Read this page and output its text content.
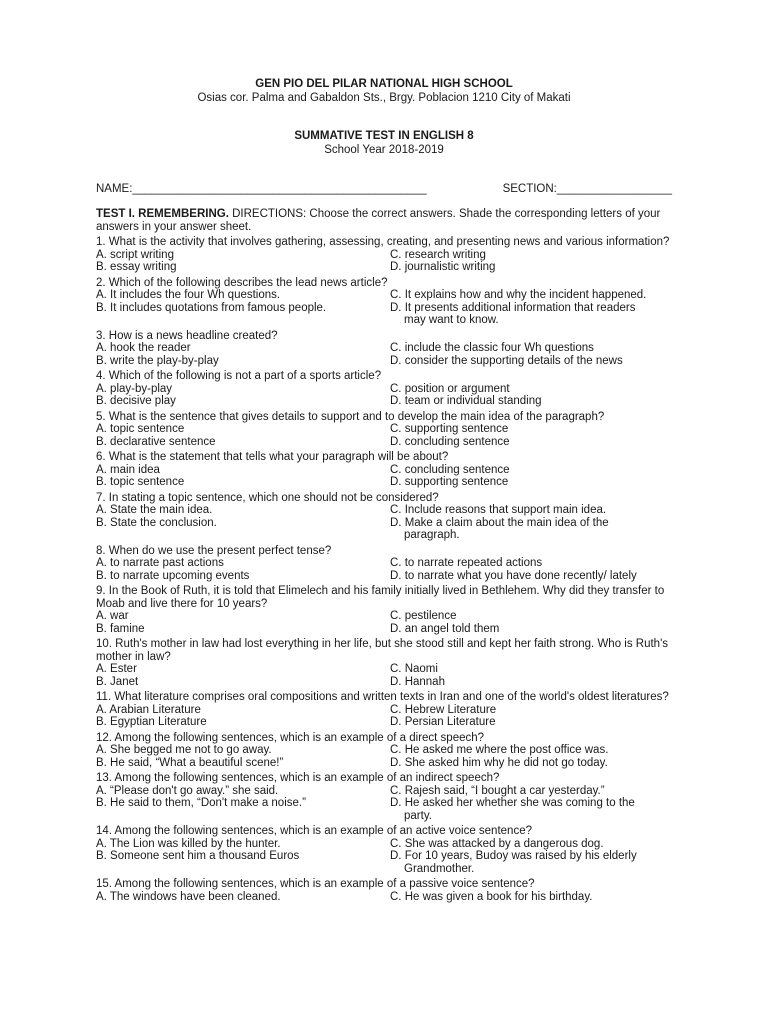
GEN PIO DEL PILAR NATIONAL HIGH SCHOOL
Osias cor. Palma and Gabaldon Sts., Brgy. Poblacion 1210 City of Makati
SUMMATIVE TEST IN ENGLISH 8
School Year 2018-2019
NAME:______________________________________________	SECTION:__________________
TEST I. REMEMBERING. DIRECTIONS: Choose the correct answers. Shade the corresponding letters of your answers in your answer sheet.
1. What is the activity that involves gathering, assessing, creating, and presenting news and various information?
A. script writing	C. research writing
B. essay writing	D. journalistic writing
2. Which of the following describes the lead news article?
A. It includes the four Wh questions.	C. It explains how and why the incident happened.
B. It includes quotations from famous people.	D. It presents additional information that readers
may want to know.
3. How is a news headline created?
A. hook the reader	C. include the classic four Wh questions
B. write the play-by-play	D. consider the supporting details of the news
4. Which of the following is not a part of a sports article?
A. play-by-play	C. position or argument
B. decisive play	D. team or individual standing
5. What is the sentence that gives details to support and to develop the main idea of the paragraph?
A. topic sentence	C. supporting sentence
B. declarative sentence	D. concluding sentence
6. What is the statement that tells what your paragraph will be about?
A. main idea	C. concluding sentence
B. topic sentence	D. supporting sentence
7. In stating a topic sentence, which one should not be considered?
A. State the main idea.	C. Include reasons that support main idea.
B. State the conclusion.	D. Make a claim about the main idea of the
paragraph.
8. When do we use the present perfect tense?
A. to narrate past actions	C. to narrate repeated actions
B. to narrate upcoming events	D. to narrate what you have done recently/ lately
9. In the Book of Ruth, it is told that Elimelech and his family initially lived in Bethlehem. Why did they transfer to Moab and live there for 10 years?
A. war	C. pestilence
B. famine	D. an angel told them
10. Ruth's mother in law had lost everything in her life, but she stood still and kept her faith strong. Who is Ruth's mother in law?
A. Ester	C. Naomi
B. Janet	D. Hannah
11. What literature comprises oral compositions and written texts in Iran and one of the world's oldest literatures?
A. Arabian Literature	C. Hebrew Literature
B. Egyptian Literature	D. Persian Literature
12. Among the following sentences, which is an example of a direct speech?
A. She begged me not to go away.	C. He asked me where the post office was.
B. He said, “What a beautiful scene!”	D. She asked him why he did not go today.
13. Among the following sentences, which is an example of an indirect speech?
A. “Please don't go away.” she said.	C. Rajesh said, “I bought a car yesterday.”
B. He said to them, “Don't make a noise.”	D. He asked her whether she was coming to the
party.
14. Among the following sentences, which is an example of an active voice sentence?
A. The Lion was killed by the hunter.	C. She was attacked by a dangerous dog.
B. Someone sent him a thousand Euros	D. For 10 years, Budoy was raised by his elderly
Grandmother.
15. Among the following sentences, which is an example of a passive voice sentence?
A. The windows have been cleaned.	C. He was given a book for his birthday.
